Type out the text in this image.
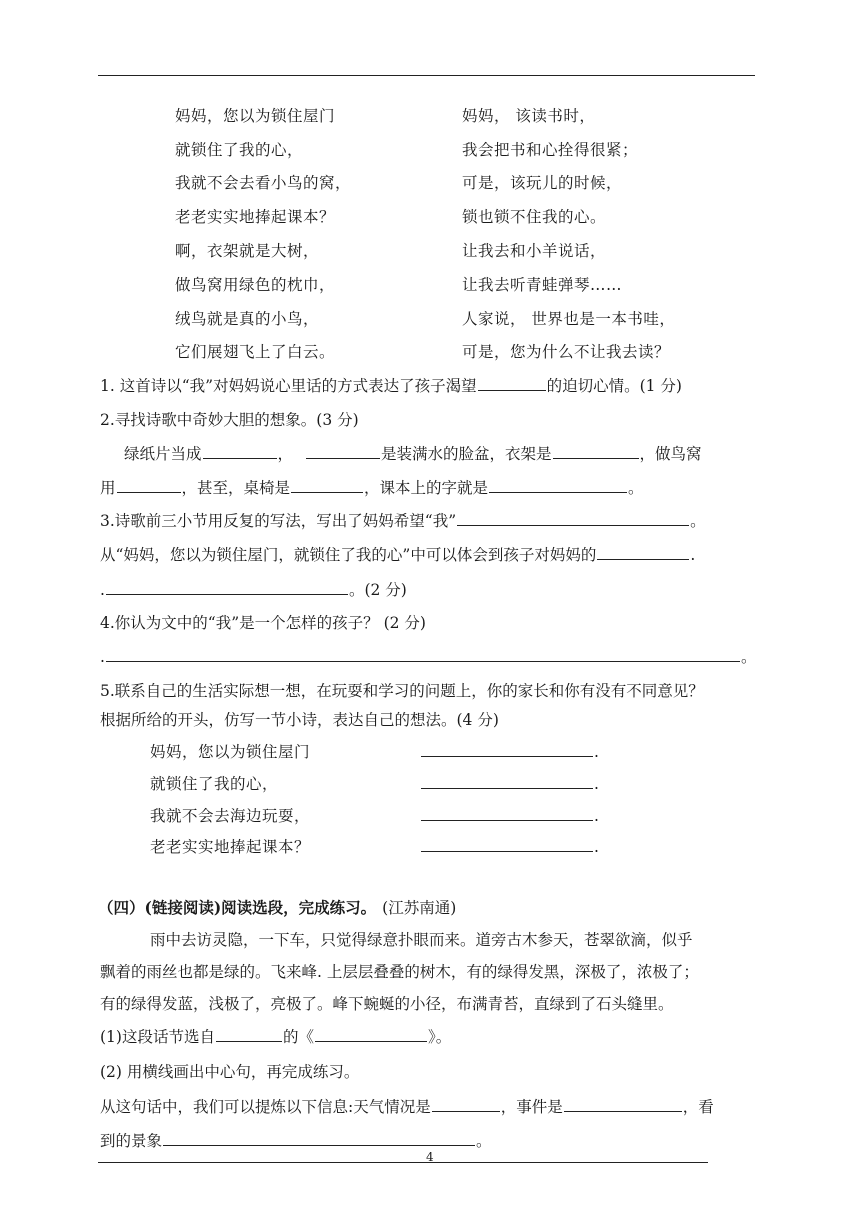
妈妈，您以为锁住屋门
就锁住了我的心，
我就不会去看小鸟的窝，
老老实实地捧起课本？
啊，衣架就是大树，
做鸟窝用绿色的枕巾，
绒鸟就是真的小鸟，
它们展翅飞上了白云。
妈妈， 该读书时，
我会把书和心拴得很紧；
可是，该玩儿的时候，
锁也锁不住我的心。
让我去和小羊说话，
让我去听青蛙弹琴……
人家说， 世界也是一本书哇，
可是，您为什么不让我去读？
1. 这首诗以“我”对妈妈说心里话的方式表达了孩子渴望	的迫切心情。(1 分)
2.寻找诗歌中奇妙大胆的想象。(3 分)
绿纸片当成	，	是装满水的脸盆，衣架是	，做鸟窝
用	，甚至，桌椅是	，课本上的字就是	。
3.诗歌前三小节用反复的写法，写出了妈妈希望“我”	。
从“妈妈，您以为锁住屋门，就锁住了我的心”中可以体会到孩子对妈妈的	.
.	。(2 分)
4.你认为文中的“我”是一个怎样的孩子？ (2 分)
.	。
5.联系自己的生活实际想一想，在玩耍和学习的问题上，你的家长和你有没有不同意见？
根据所给的开头，仿写一节小诗，表达自己的想法。(4 分)
妈妈，您以为锁住屋门
就锁住了我的心，
我就不会去海边玩耍，
老老实实地捧起课本？
.
.
.
.
（四）(链接阅读)阅读选段，完成练习。 (江苏南通)
雨中去访灵隐，一下车，只觉得绿意扑眼而来。道旁古木参天，苍翠欲滴，似乎
飘着的雨丝也都是绿的。飞来峰. 上层层叠叠的树木，有的绿得发黑，深极了，浓极了；
有的绿得发蓝，浅极了，亮极了。峰下蜿蜒的小径，布满青苔，直绿到了石头缝里。
(1)这段话节选自	的《	》。
(2) 用横线画出中心句，再完成练习。
从这句话中，我们可以提炼以下信息:天气情况是	，事件是	，看
到的景象	。
4
